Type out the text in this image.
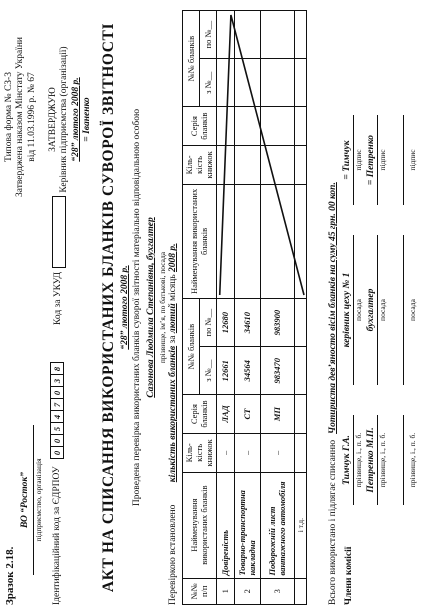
Зразок 2.18.
ВО “Росток” підприємство, організація Ідентифікаційний код за ЄДРПОУ
00547038
Типова форма № СЗ-3 Затверджена наказом Мінстату України від 11.03.1996 р. № 67
Код за УКУД
ЗАТВЕРДЖУЮ Керівник підприємства (організації) “28” лютого 2008 р. = Іваненко АКТ НА СПИСАННЯ ВИКОРИСТАНИХ БЛАНКІВ СУВОРОЇ ЗВІТНОСТІ “28” лютого 2008 р. Проведена перевірка використаних бланків суворої звітності матеріально відповідальною особою Сазонова Людмила Степанівна, бухгалтер прізвище, ім’я, по батькові, посада
Перевіркою встановлено кількість використаних бланків за лютий місяць 2008 р.
№№ п/п	Найменування використаних бланків	Кіль-кість книжок	Серія бланків	№№ бланків		Найменування використаних бланків	Кіль-кість книжок	Серія бланків	№№ бланків	
				з №__	по №__				з №__	по №__
1	Довіреність	–	ЛАД	12661	12680					
2	Товарно-транспортна накладна	–	СТ	34564	34610					
3	Подорожній лист вантажного автомобіля	–	МП	983470	983900					
	і т.д.									Всього використано і підлягає списанню
Чотириста дев’яносто вісім бланків на суму 45 грн. 00 коп.
Члени комісії
Тимчук Г.А. прізвище, і., п. б.
керівник цеху № 1 посада
= Тимчук підпис
Петренко М.П. прізвище, і., п. б.
бухгалтер посада
= Петренко підпис
прізвище, і., п. б.
посада
підпис
